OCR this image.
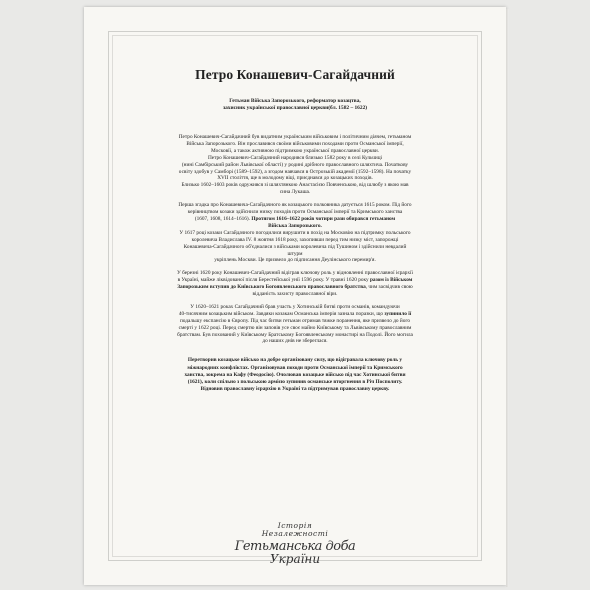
Петро Конашевич-Сагайдачний
Гетьман Війська Запорозького, реформатор козацтва,
захисник української православної церкви(бл. 1582 – 1622)

Петро Конашевич-Сагайдачний був видатним українським військовим і політичним діячем, гетьманом

Війська Запорозького. Він прославився своїми військовими походами проти Османської імперії,

Московії, а також активною підтримкою української православної церкви.

Петро Конашевич-Сагайдачний народився близько 1582 року в селі Кульчиці

(нині Самбірський район Львівської області) у родині дрібного православного шляхтича. Початкову

освіту здобув у Самборі (1589–1592), а згодом навчався в Острозькій академії (1592–1598). На початку

XVII століття, ще в молодому віці, приєднався до козацьких походів.

Близько 1602–1603 років одружився зі шляхтянкою Анастасією Повченською, від шлюбу з якою мав

сина Лукаша.

Перша згадка про Конашевича-Сагайдачного як козацького полковника датується 1615 роком. Під його

керівництвом козаки здійснили низку походів проти Османської імперії та Кримського ханства

(1607, 1608, 1614–1616). Протягом 1616–1622 років чотири рази обирався гетьманом

Війська Запорозького.

У 1617 році козаки Сагайдачного погодилися вирушити в похід на Московію на підтримку польського

королевича Владислава IV. 8 жовтня 1618 року, захопивши перед тим низку міст, запорожці

Конашевича-Сагайдачного об'єдналися з військами королевича під Тушином і здійснили невдалий

штурм

укріплень Москви. Це призвело до підписання Деулінського перемир'я.

У березні 1620 року Конашевич-Сагайдачний відіграв ключову роль у відновленні православної ієрархії

в Україні, майже ліквідованої після Берестейської унії 1596 року. У травні 1620 року разом із Військом

Запорозьким вступив до Київського Богоявленського православного братства, чим засвідчив свою

відданість захисту православної віри.

У 1620–1621 роках Сагайдачний брав участь у Хотинській битві проти османів, командуючи

40-тисячним козацьким військом. Завдяки козакам Османська імперія зазнала поразки, що зупинило її

подальшу експансію в Європу. Під час битви гетьман отримав тяжке поранення, яке призвело до його

смерті у 1622 році. Перед смертю він заповів усе своє майно Київському та Львівському православним

братствам. Був похований у Київському Братському Богоявленському монастирі на Подолі. Його могила

до наших днів не збереглася.

Перетворив козацьке військо на добре організовану силу, що відігравала ключову роль у

міжнародних конфліктах. Організовував походи проти Османської імперії та Кримського

ханства, зокрема на Кафу (Феодосію). Очолював козацьке військо під час Хотинської битви

(1621), коли спільно з польською армією зупинив османське вторгнення в Річ Посполиту.

Відновив православну ієрархію в Україні та підтримував православну церкву.

Історія
Незалежності
Гетьманська доба
України
